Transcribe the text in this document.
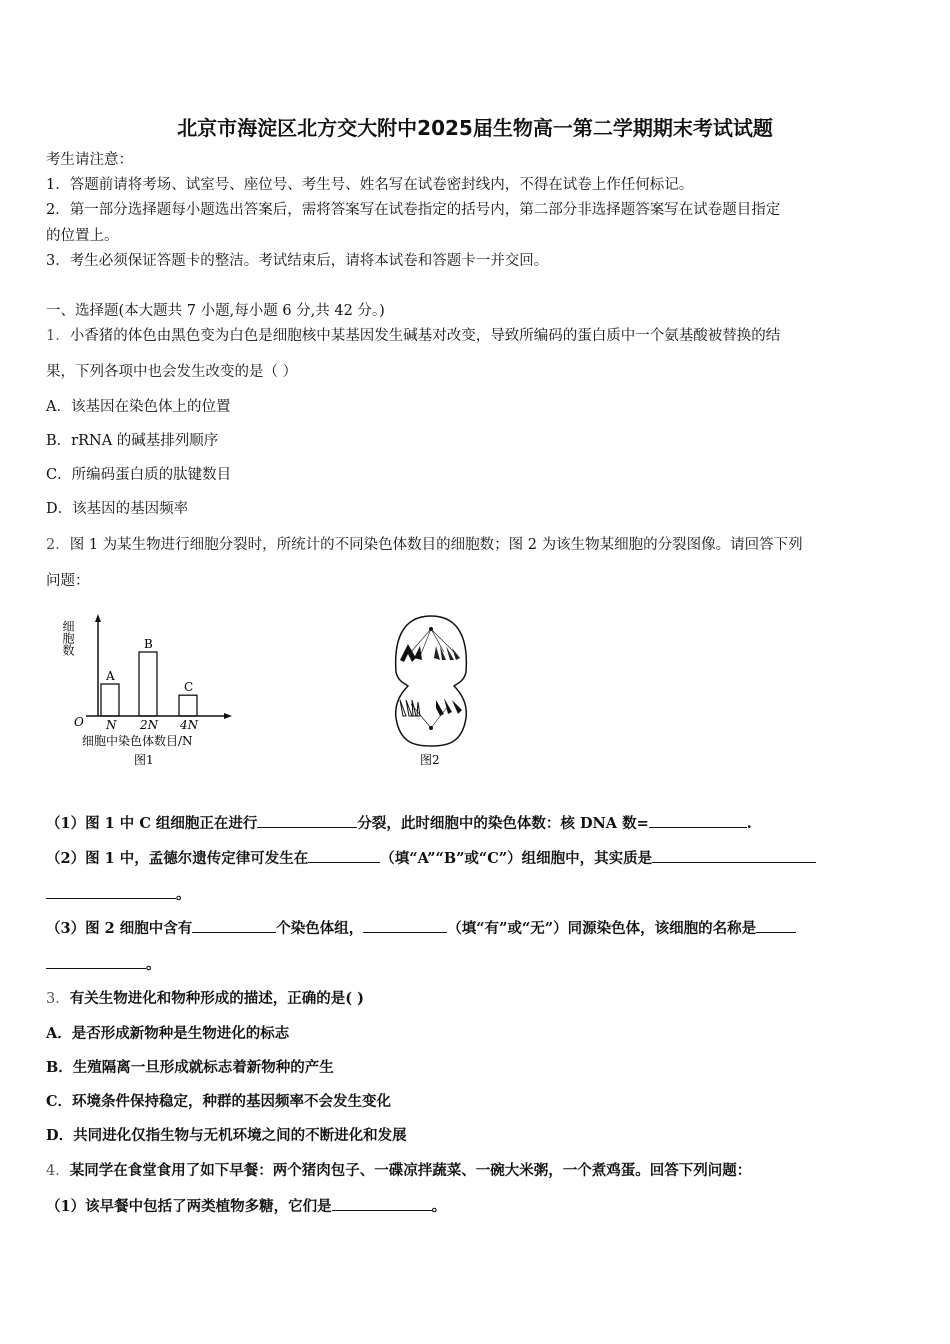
北京市海淀区北方交大附中2025届生物高一第二学期期末考试试题
考生请注意：
1．答题前请将考场、试室号、座位号、考生号、姓名写在试卷密封线内，不得在试卷上作任何标记。
2．第一部分选择题每小题选出答案后，需将答案写在试卷指定的括号内，第二部分非选择题答案写在试卷题目指定
的位置上。
3．考生必须保证答题卡的整洁。考试结束后，请将本试卷和答题卡一并交回。
一、选择题(本大题共 7 小题,每小题 6 分,共 42 分。)
1．小香猪的体色由黑色变为白色是细胞核中某基因发生碱基对改变，导致所编码的蛋白质中一个氨基酸被替换的结
果，下列各项中也会发生改变的是（ ）
A．该基因在染色体上的位置
B．rRNA 的碱基排列顺序
C．所编码蛋白质的肽键数目
D．该基因的基因频率
2．图 1 为某生物进行细胞分裂时，所统计的不同染色体数目的细胞数；图 2 为该生物某细胞的分裂图像。请回答下列
问题：
A
N
B
2N
C
4N
O
细胞数
细胞中染色体数目/N
图1	图2
（1）图 1 中 C 组细胞正在进行	分裂，此时细胞中的染色体数：核 DNA 数=	.
（2）图 1 中，孟德尔遗传定律可发生在	（填“A”“B”或“C”）组细胞中，其实质是
。
（3）图 2 细胞中含有	个染色体组，	（填“有”或“无”）同源染色体，该细胞的名称是
。
3．有关生物进化和物种形成的描述，正确的是( )
A．是否形成新物种是生物进化的标志
B．生殖隔离一旦形成就标志着新物种的产生
C．环境条件保持稳定，种群的基因频率不会发生变化
D．共同进化仅指生物与无机环境之间的不断进化和发展
4．某同学在食堂食用了如下早餐：两个猪肉包子、一碟凉拌蔬菜、一碗大米粥，一个煮鸡蛋。回答下列问题：
（1）该早餐中包括了两类植物多糖，它们是	。
